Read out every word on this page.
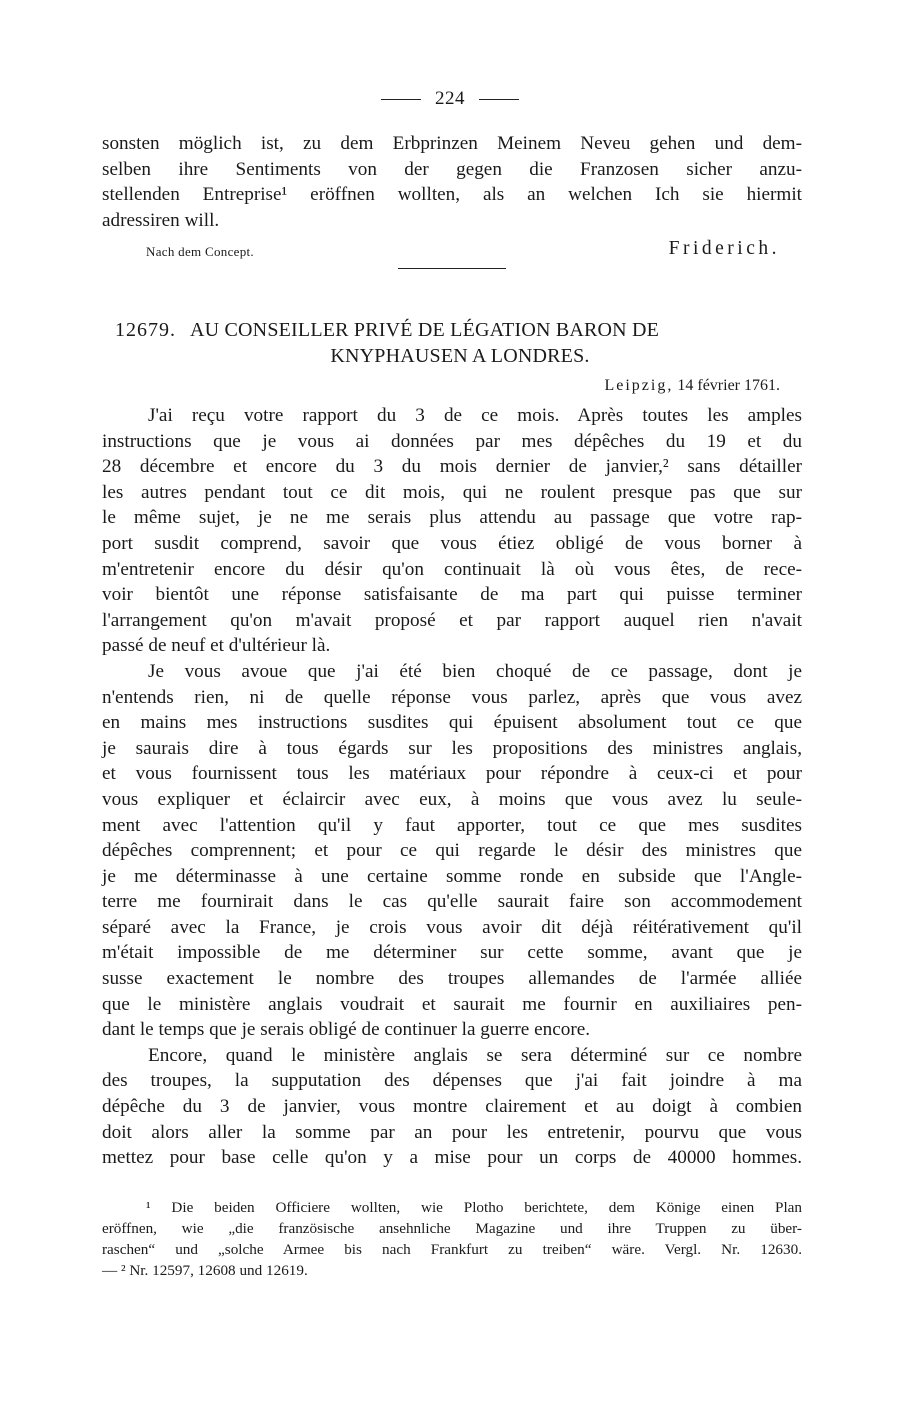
224
sonsten möglich ist, zu dem Erbprinzen Meinem Neveu gehen und dem-
selben ihre Sentiments von der gegen die Franzosen sicher anzu-
stellenden Entreprise¹ eröffnen wollten, als an welchen Ich sie hiermit
adressiren will.
Nach dem Concept.	Friderich.
12679. AU CONSEILLER PRIVÉ DE LÉGATION BARON DE
KNYPHAUSEN A LONDRES.
Leipzig, 14 février 1761.
J'ai reçu votre rapport du 3 de ce mois. Après toutes les amples
instructions que je vous ai données par mes dépêches du 19 et du
28 décembre et encore du 3 du mois dernier de janvier,² sans détailler
les autres pendant tout ce dit mois, qui ne roulent presque pas que sur
le même sujet, je ne me serais plus attendu au passage que votre rap-
port susdit comprend, savoir que vous étiez obligé de vous borner à
m'entretenir encore du désir qu'on continuait là où vous êtes, de rece-
voir bientôt une réponse satisfaisante de ma part qui puisse terminer
l'arrangement qu'on m'avait proposé et par rapport auquel rien n'avait
passé de neuf et d'ultérieur là.
Je vous avoue que j'ai été bien choqué de ce passage, dont je
n'entends rien, ni de quelle réponse vous parlez, après que vous avez
en mains mes instructions susdites qui épuisent absolument tout ce que
je saurais dire à tous égards sur les propositions des ministres anglais,
et vous fournissent tous les matériaux pour répondre à ceux-ci et pour
vous expliquer et éclaircir avec eux, à moins que vous avez lu seule-
ment avec l'attention qu'il y faut apporter, tout ce que mes susdites
dépêches comprennent; et pour ce qui regarde le désir des ministres que
je me déterminasse à une certaine somme ronde en subside que l'Angle-
terre me fournirait dans le cas qu'elle saurait faire son accommodement
séparé avec la France, je crois vous avoir dit déjà réitérativement qu'il
m'était impossible de me déterminer sur cette somme, avant que je
susse exactement le nombre des troupes allemandes de l'armée alliée
que le ministère anglais voudrait et saurait me fournir en auxiliaires pen-
dant le temps que je serais obligé de continuer la guerre encore.
Encore, quand le ministère anglais se sera déterminé sur ce nombre
des troupes, la supputation des dépenses que j'ai fait joindre à ma
dépêche du 3 de janvier, vous montre clairement et au doigt à combien
doit alors aller la somme par an pour les entretenir, pourvu que vous
mettez pour base celle qu'on y a mise pour un corps de 40000 hommes.
¹ Die beiden Officiere wollten, wie Plotho berichtete, dem Könige einen Plan
eröffnen, wie „die französische ansehnliche Magazine und ihre Truppen zu über-
raschen“ und „solche Armee bis nach Frankfurt zu treiben“ wäre. Vergl. Nr. 12630.
— ² Nr. 12597, 12608 und 12619.
